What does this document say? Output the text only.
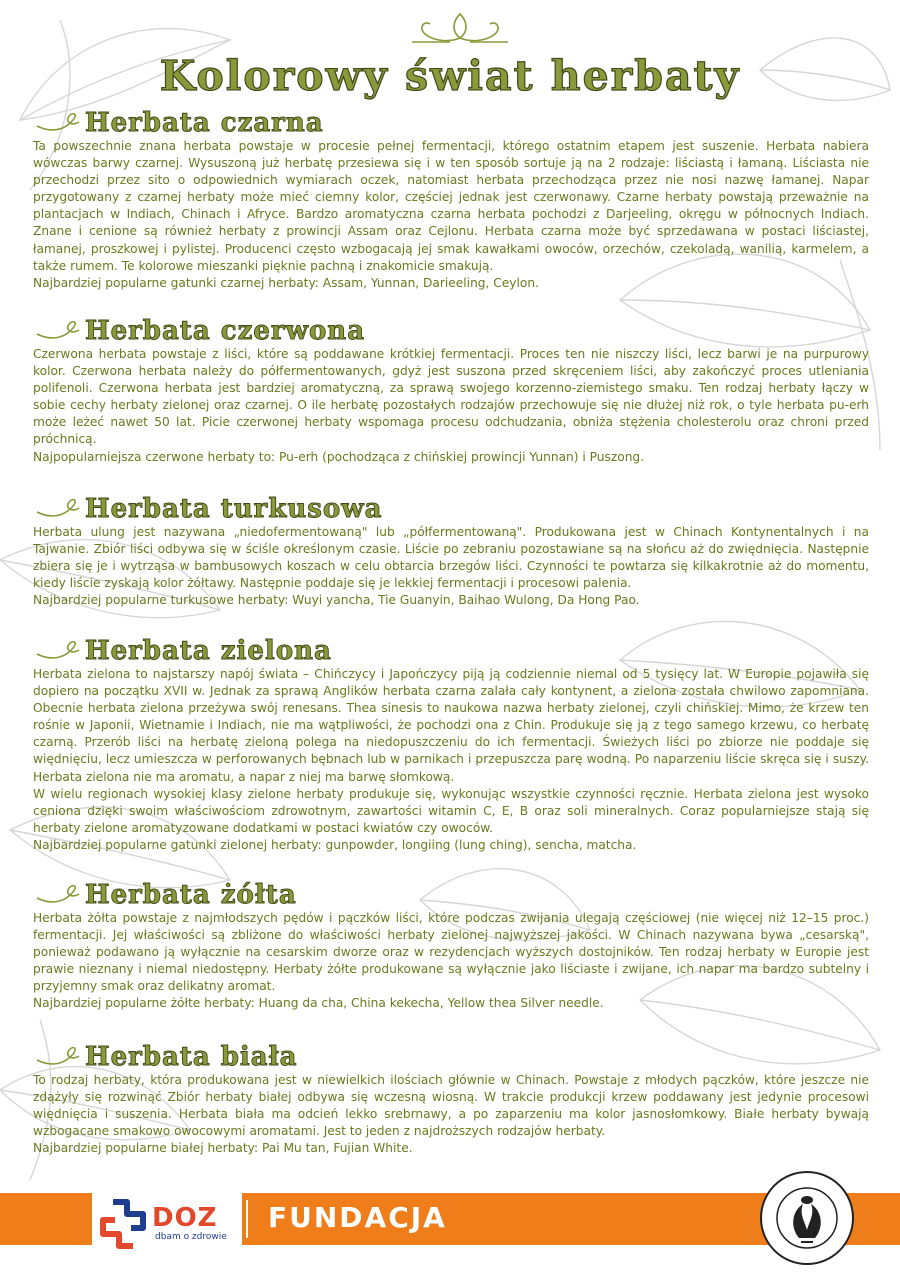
Kolorowy świat herbaty
Herbata czarna

Ta powszechnie znana herbata powstaje w procesie pełnej fermentacji, którego ostatnim etapem jest suszenie. Herbata nabiera wówczas barwy czarnej. Wysuszoną już herbatę przesiewa się i w ten sposób sortuje ją na 2 rodzaje: liściastą i łamaną. Liściasta nie przechodzi przez sito o odpowiednich wymiarach oczek, natomiast herbata przechodząca przez nie nosi nazwę łamanej. Napar przygotowany z czarnej herbaty może mieć ciemny kolor, częściej jednak jest czerwonawy. Czarne herbaty powstają przeważnie na plantacjach w Indiach, Chinach i Afryce. Bardzo aromatyczna czarna herbata pochodzi z Darjeeling, okręgu w północnych Indiach. Znane i cenione są również herbaty z prowincji Assam oraz Cejlonu. Herbata czarna może być sprzedawana w postaci liściastej, łamanej, proszkowej i pylistej. Producenci często wzbogacają jej smak kawałkami owoców, orzechów, czekoladą, wanilią, karmelem, a także rumem. Te kolorowe mieszanki pięknie pachną i znakomicie smakują.

Najbardziej popularne gatunki czarnej herbaty: Assam, Yunnan, Darieeling, Ceylon.

Herbata czerwona

Czerwona herbata powstaje z liści, które są poddawane krótkiej fermentacji. Proces ten nie niszczy liści, lecz barwi je na purpurowy kolor. Czerwona herbata należy do półfermentowanych, gdyż jest suszona przed skręceniem liści, aby zakończyć proces utleniania polifenoli. Czerwona herbata jest bardziej aromatyczną, za sprawą swojego korzenno-ziemistego smaku. Ten rodzaj herbaty łączy w sobie cechy herbaty zielonej oraz czarnej. O ile herbatę pozostałych rodzajów przechowuje się nie dłużej niż rok, o tyle herbata pu-erh może leżeć nawet 50 lat. Picie czerwonej herbaty wspomaga procesu odchudzania, obniża stężenia cholesterolu oraz chroni przed próchnicą.

Najpopularniejsza czerwone herbaty to: Pu-erh (pochodząca z chińskiej prowincji Yunnan) i Puszong.

Herbata turkusowa

Herbata ulung jest nazywana „niedofermentowaną" lub „półfermentowaną". Produkowana jest w Chinach Kontynentalnych i na Tajwanie. Zbiór liści odbywa się w ściśle określonym czasie. Liście po zebraniu pozostawiane są na słońcu aż do zwiędnięcia. Następnie zbiera się je i wytrząsa w bambusowych koszach w celu obtarcia brzegów liści. Czynności te powtarza się kilkakrotnie aż do momentu, kiedy liście zyskają kolor żółtawy. Następnie poddaje się je lekkiej fermentacji i procesowi palenia.

Najbardziej popularne turkusowe herbaty: Wuyi yancha, Tie Guanyin, Baihao Wulong, Da Hong Pao.

Herbata zielona

Herbata zielona to najstarszy napój świata – Chińczycy i Japończycy piją ją codziennie niemal od 5 tysięcy lat. W Europie pojawiła się dopiero na początku XVII w. Jednak za sprawą Anglików herbata czarna zalała cały kontynent, a zielona została chwilowo zapomniana. Obecnie herbata zielona przeżywa swój renesans. Thea sinesis to naukowa nazwa herbaty zielonej, czyli chińskiej. Mimo, że krzew ten rośnie w Japonii, Wietnamie i Indiach, nie ma wątpliwości, że pochodzi ona z Chin. Produkuje się ją z tego samego krzewu, co herbatę czarną. Przerób liści na herbatę zieloną polega na niedopuszczeniu do ich fermentacji. Świeżych liści po zbiorze nie poddaje się więdnięciu, lecz umieszcza w perforowanych bębnach lub w parnikach i przepuszcza parę wodną. Po naparzeniu liście skręca się i suszy. Herbata zielona nie ma aromatu, a napar z niej ma barwę słomkową.

W wielu regionach wysokiej klasy zielone herbaty produkuje się, wykonując wszystkie czynności ręcznie. Herbata zielona jest wysoko ceniona dzięki swoim właściwościom zdrowotnym, zawartości witamin C, E, B oraz soli mineralnych. Coraz popularniejsze stają się herbaty zielone aromatyzowane dodatkami w postaci kwiatów czy owoców.

Najbardziej popularne gatunki zielonej herbaty: gunpowder, longiing (lung ching), sencha, matcha.

Herbata żółta

Herbata żółta powstaje z najmłodszych pędów i pączków liści, które podczas zwijania ulegają częściowej (nie więcej niż 12–15 proc.) fermentacji. Jej właściwości są zbliżone do właściwości herbaty zielonej najwyższej jakości. W Chinach nazywana bywa „cesarską", ponieważ podawano ją wyłącznie na cesarskim dworze oraz w rezydencjach wyższych dostojników. Ten rodzaj herbaty w Europie jest prawie nieznany i niemal niedostępny. Herbaty żółte produkowane są wyłącznie jako liściaste i zwijane, ich napar ma bardzo subtelny i przyjemny smak oraz delikatny aromat.

Najbardziej popularne żółte herbaty: Huang da cha, China kekecha, Yellow thea Silver needle.

Herbata biała

To rodzaj herbaty, która produkowana jest w niewielkich ilościach głównie w Chinach. Powstaje z młodych pączków, które jeszcze nie zdążyły się rozwinąć Zbiór herbaty białej odbywa się wczesną wiosną. W trakcie produkcji krzew poddawany jest jedynie procesowi więdnięcia i suszenia. Herbata biała ma odcień lekko srebrnawy, a po zaparzeniu ma kolor jasnosłomkowy. Białe herbaty bywają wzbogacane smakowo owocowymi aromatami. Jest to jeden z najdroższych rodzajów herbaty.

Najbardziej popularne białej herbaty: Pai Mu tan, Fujian White.

DOZ
dbam o zdrowie
FUNDACJA
